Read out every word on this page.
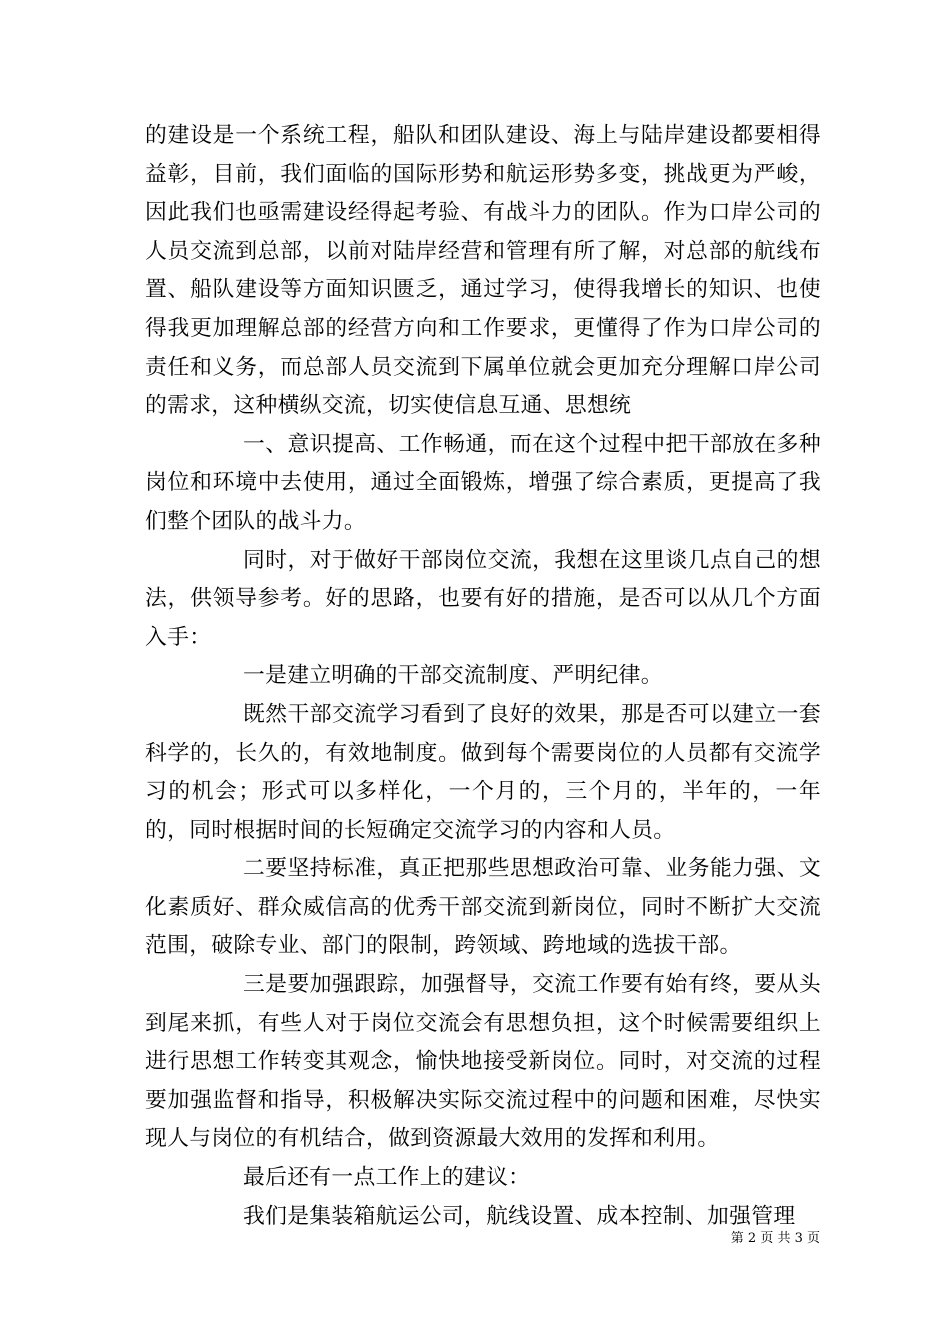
的建设是一个系统工程，船队和团队建设、海上与陆岸建设都要相得益彰，目前，我们面临的国际形势和航运形势多变，挑战更为严峻，因此我们也亟需建设经得起考验、有战斗力的团队。作为口岸公司的人员交流到总部，以前对陆岸经营和管理有所了解，对总部的航线布置、船队建设等方面知识匮乏，通过学习，使得我增长的知识、也使得我更加理解总部的经营方向和工作要求，更懂得了作为口岸公司的责任和义务，而总部人员交流到下属单位就会更加充分理解口岸公司的需求，这种横纵交流，切实使信息互通、思想统

一、意识提高、工作畅通，而在这个过程中把干部放在多种岗位和环境中去使用，通过全面锻炼，增强了综合素质，更提高了我们整个团队的战斗力。

同时，对于做好干部岗位交流，我想在这里谈几点自己的想法，供领导参考。好的思路，也要有好的措施，是否可以从几个方面入手：

一是建立明确的干部交流制度、严明纪律。

既然干部交流学习看到了良好的效果，那是否可以建立一套科学的，长久的，有效地制度。做到每个需要岗位的人员都有交流学习的机会；形式可以多样化，一个月的，三个月的，半年的，一年的，同时根据时间的长短确定交流学习的内容和人员。

二要坚持标准，真正把那些思想政治可靠、业务能力强、文化素质好、群众威信高的优秀干部交流到新岗位，同时不断扩大交流范围，破除专业、部门的限制，跨领域、跨地域的选拔干部。

三是要加强跟踪，加强督导，交流工作要有始有终，要从头到尾来抓，有些人对于岗位交流会有思想负担，这个时候需要组织上进行思想工作转变其观念，愉快地接受新岗位。同时，对交流的过程要加强监督和指导，积极解决实际交流过程中的问题和困难，尽快实现人与岗位的有机结合，做到资源最大效用的发挥和利用。

最后还有一点工作上的建议：

我们是集装箱航运公司，航线设置、成本控制、加强管理

第 2 页 共 3 页
